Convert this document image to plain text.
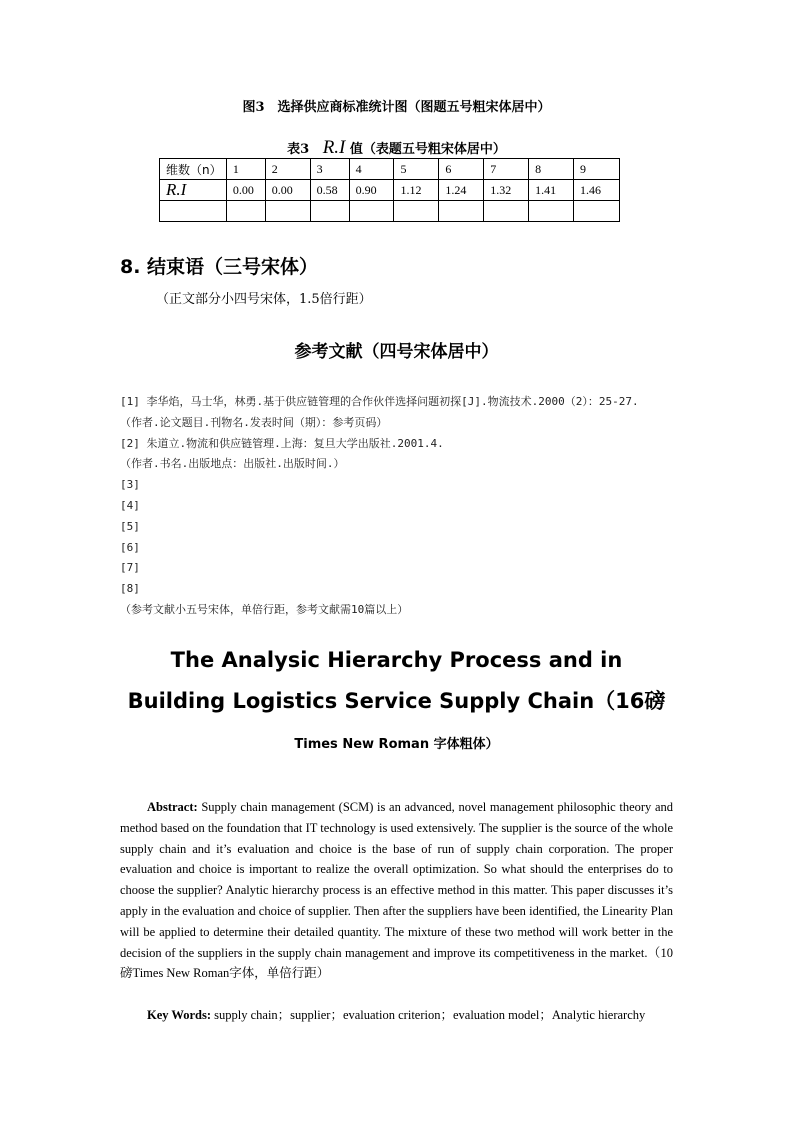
图3　选择供应商标准统计图（图题五号粗宋体居中）
表3 R.I 值（表题五号粗宋体居中）
维数（n）	1	2	3	4	5	6	7	8	9
R.I	0.00	0.00	0.58	0.90	1.12	1.24	1.32	1.41	1.46

8. 结束语（三号宋体）
（正文部分小四号宋体，1.5倍行距）
参考文献（四号宋体居中）
[1] 李华焰，马士华，林勇.基于供应链管理的合作伙伴选择问题初探[J].物流技术.2000（2）：25-27.
（作者.论文题目.刊物名.发表时间（期）：参考页码）
[2] 朱道立.物流和供应链管理.上海：复旦大学出版社.2001.4.
（作者.书名.出版地点：出版社.出版时间.）
[3]
[4]
[5]
[6]
[7]
[8]
（参考文献小五号宋体，单倍行距，参考文献需10篇以上）
The Analysic Hierarchy Process and in
Building Logistics Service Supply Chain（16磅
Times New Roman 字体粗体）
Abstract: Supply chain management (SCM) is an advanced, novel management philosophic theory and method based on the foundation that IT technology is used extensively. The supplier is the source of the whole supply chain and it’s evaluation and choice is the base of run of supply chain corporation. The proper evaluation and choice is important to realize the overall optimization. So what should the enterprises do to choose the supplier? Analytic hierarchy process is an effective method in this matter. This paper discusses it’s apply in the evaluation and choice of supplier. Then after the suppliers have been identified, the Linearity Plan will be applied to determine their detailed quantity. The mixture of these two method will work better in the decision of the suppliers in the supply chain management and improve its competitiveness in the market.（10磅Times New Roman字体，单倍行距）
Key Words: supply chain；supplier；evaluation criterion；evaluation model；Analytic hierarchy
